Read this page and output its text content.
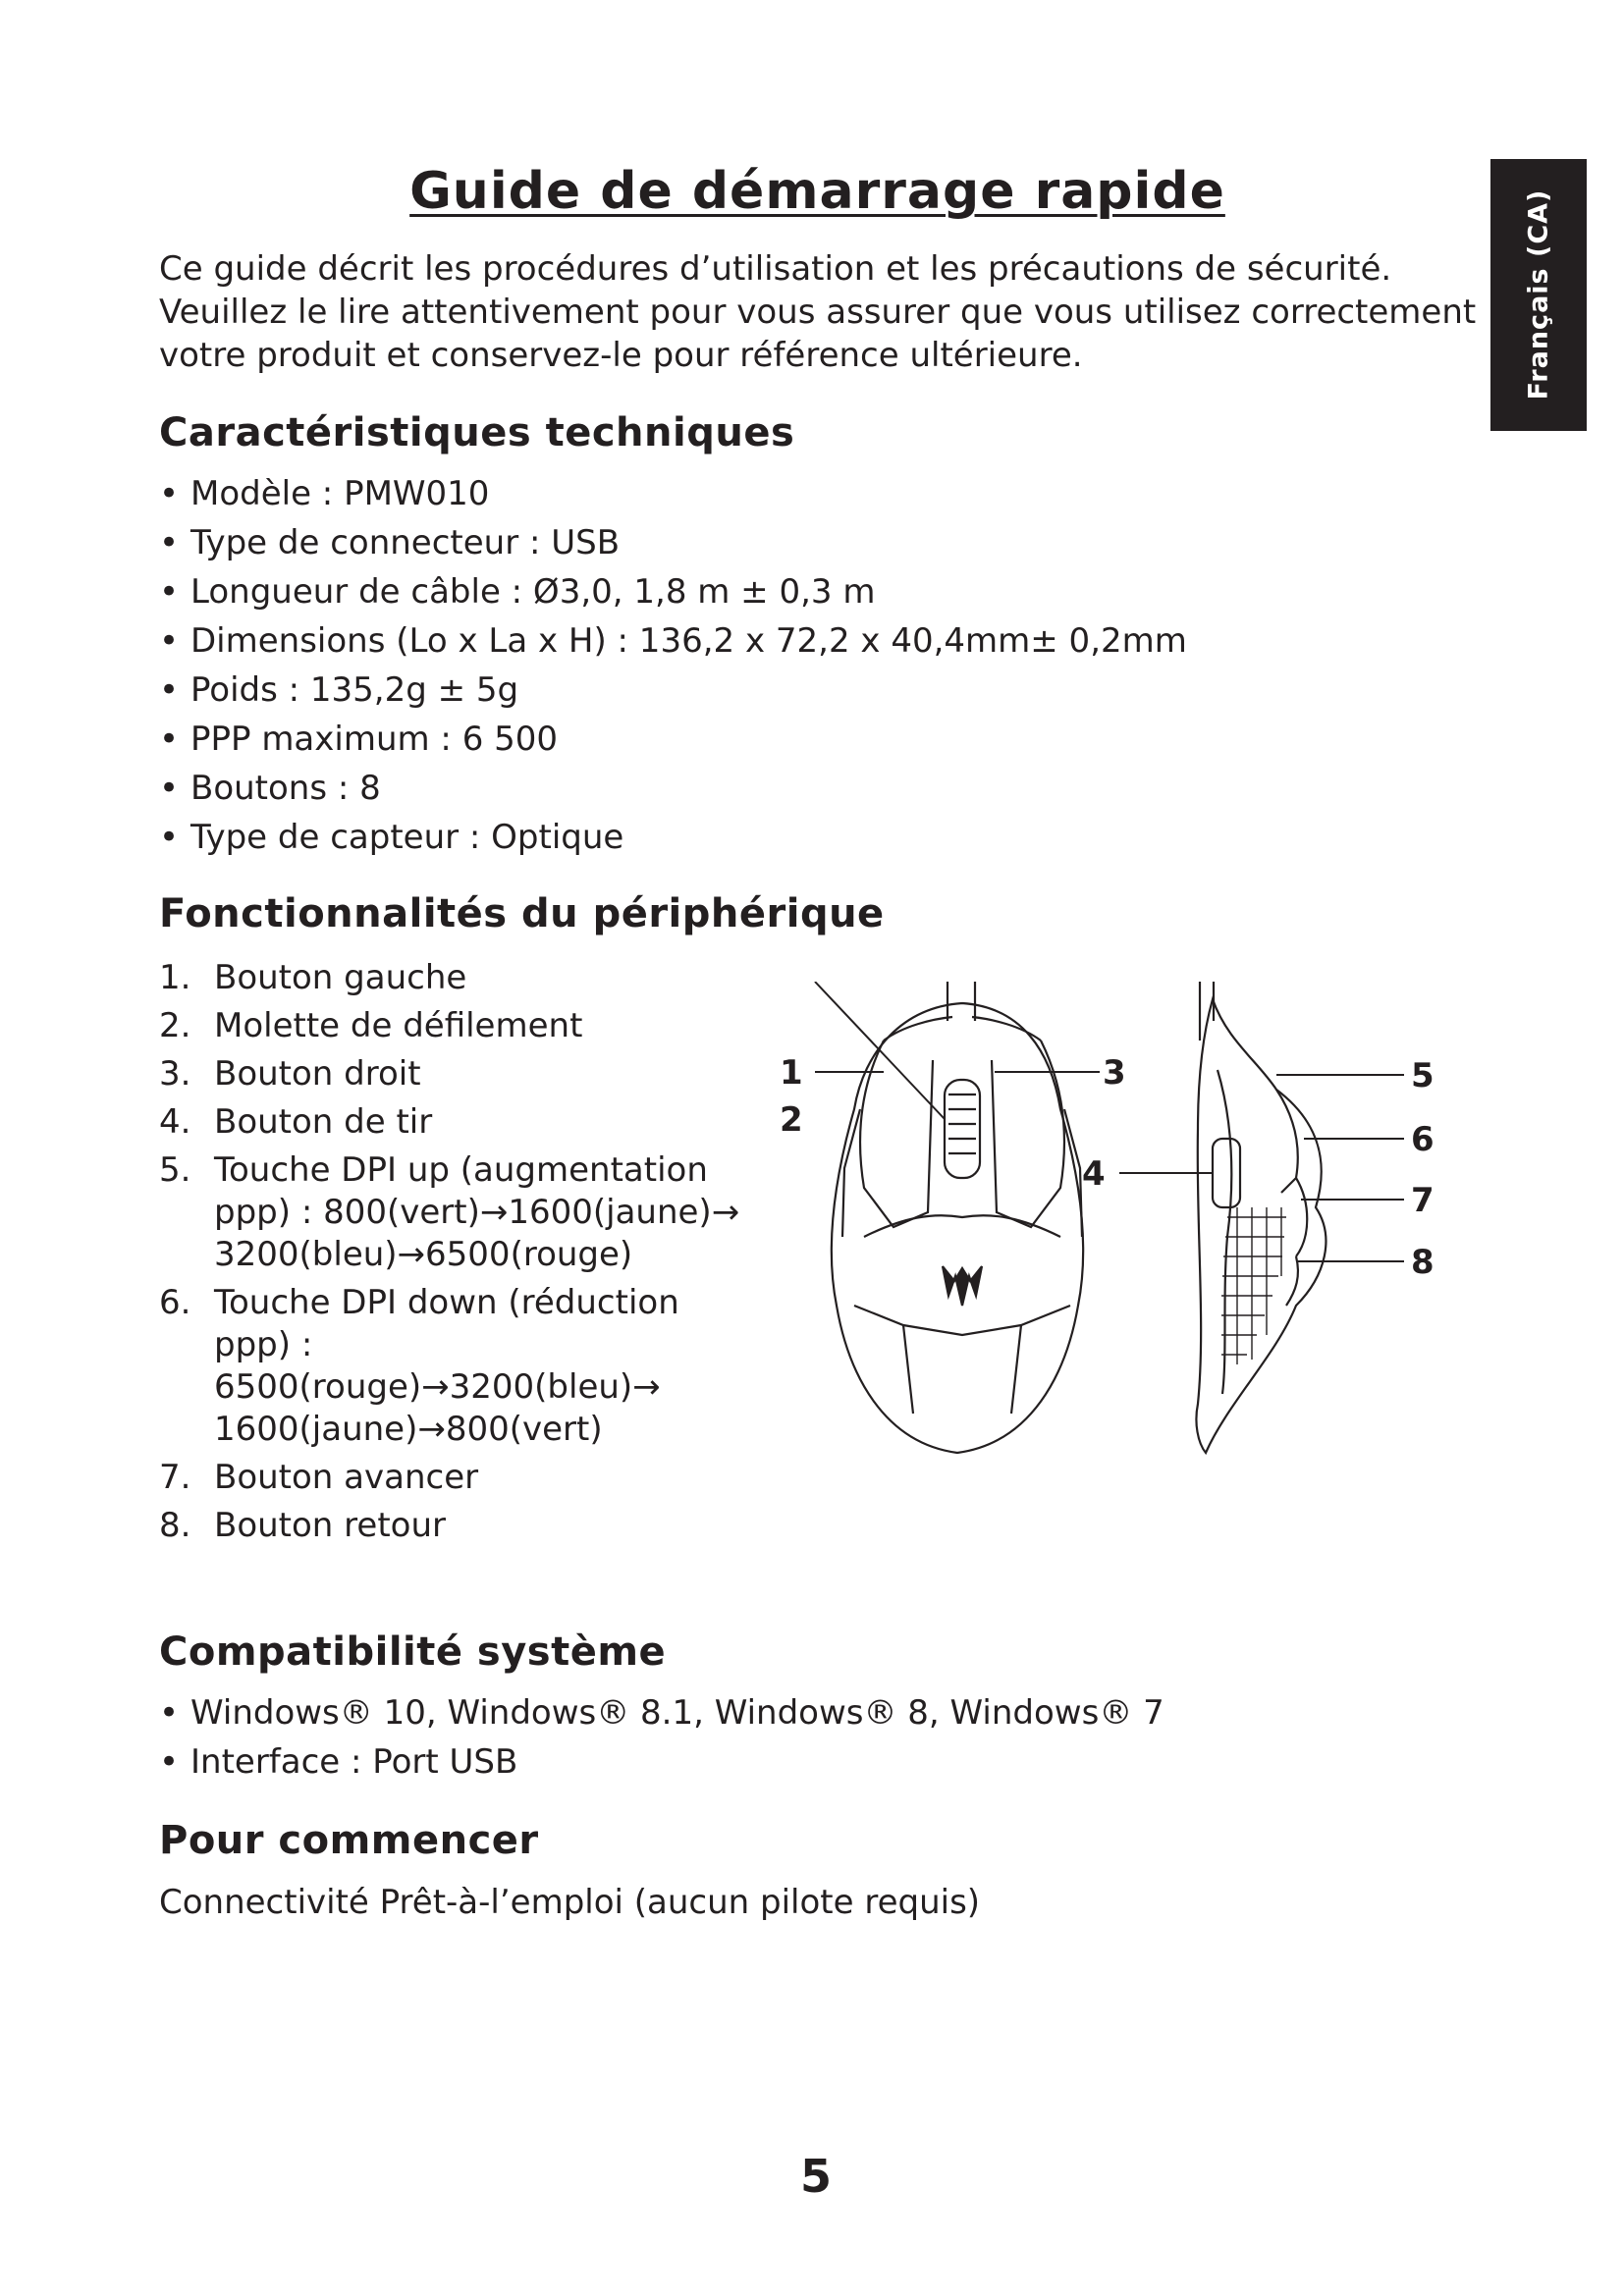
Français (CA)
Guide de démarrage rapide

Ce guide décrit les procédures d’utilisation et les précautions de sécurité. Veuillez le lire attentivement pour vous assurer que vous utilisez correctement votre produit et conservez-le pour référence ultérieure.

Caractéristiques techniques
• Modèle : PMW010
• Type de connecteur : USB
• Longueur de câble : Ø3,0, 1,8 m ± 0,3 m
• Dimensions (Lo x La x H) : 136,2 x 72,2 x 40,4mm± 0,2mm
• Poids : 135,2g ± 5g
• PPP maximum : 6 500
• Boutons : 8
• Type de capteur : Optique
Fonctionnalités du périphérique
1. Bouton gauche
2. Molette de défilement
3. Bouton droit
4. Bouton de tir
5. Touche DPI up (augmentation ppp) : 800(vert)→1600(jaune)→ 3200(bleu)→6500(rouge)
6. Touche DPI down (réduction ppp) : 6500(rouge)→3200(bleu)→ 1600(jaune)→800(vert)
7. Bouton avancer
8. Bouton retour
1
2
3
4
5
6
7
8
Compatibilité système
• Windows® 10, Windows® 8.1, Windows® 8, Windows® 7
• Interface : Port USB
Pour commencer

Connectivité Prêt-à-l’emploi (aucun pilote requis)

5
